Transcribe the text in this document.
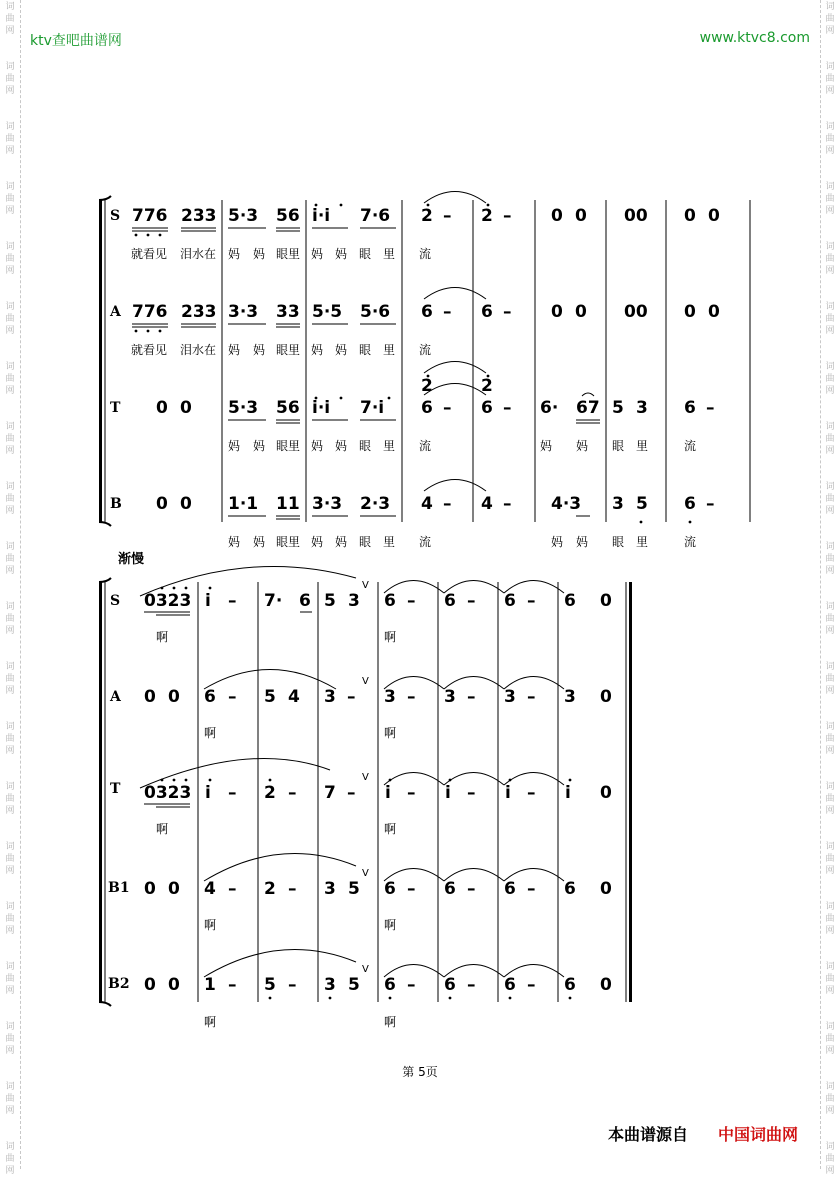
ktv查吧曲谱网	www.ktvc8.com
词
曲
网
词
曲
网
词
曲
网
词
曲
网
词
曲
网
词
曲
网
词
曲
网
词
曲
网
词
曲
网
词
曲
网
词
曲
网
词
曲
网
词
曲
网
词
曲
网
词
曲
网
词
曲
网
词
曲
网
词
曲
网
词
曲
网
词
曲
网
词
曲
网
词
曲
网
词
曲
网
词
曲
网
词
曲
网
词
曲
网
词
曲
网
词
曲
网
词
曲
网
词
曲
网
词
曲
网
词
曲
网
词
曲
网
词
曲
网
词
曲
网
词
曲
网
词
曲
网
词
曲
网
词
曲
网
词
曲
网
S
A
T
B
776 233 5·3 56 i·i 7·6 2 – 2 – 0 0 00 0 0
就看见 泪水在 妈 妈 眼里 妈 妈 眼 里 流
776 233 3·3 33 5·5 5·6 6 – 6 – 0 0 00 0 0
就看见 泪水在 妈 妈 眼里 妈 妈 眼 里 流
0 0 5·3 56 i·i 7·i
2
6 –
2
6 – 6· 67 5 3 6 –
妈 妈 眼里 妈 妈 眼 里 流	妈 妈 眼 里	流
0 0 1·1 11 3·3 2·3 4 – 4 – 4·3 3 5 6 –
妈 妈 眼里 妈 妈 眼 里 流	妈 妈 眼 里	流
渐慢
S
A
T
B1
B2
V
V
V
V
V
0323 i – 7· 6 5 3 6 – 6 – 6 – 6 0
啊	啊
0 0 6 – 5 4 3 – 3 – 3 – 3 – 3 0
啊	啊
0323 i – 2 – 7 – i – i – i – i 0
啊	啊
0 0 4 – 2 – 3 5 6 – 6 – 6 – 6 0
啊	啊
0 0 1 – 5 – 3 5 6 – 6 – 6 – 6 0
啊	啊
第 5页
本曲谱源自 中国词曲网
